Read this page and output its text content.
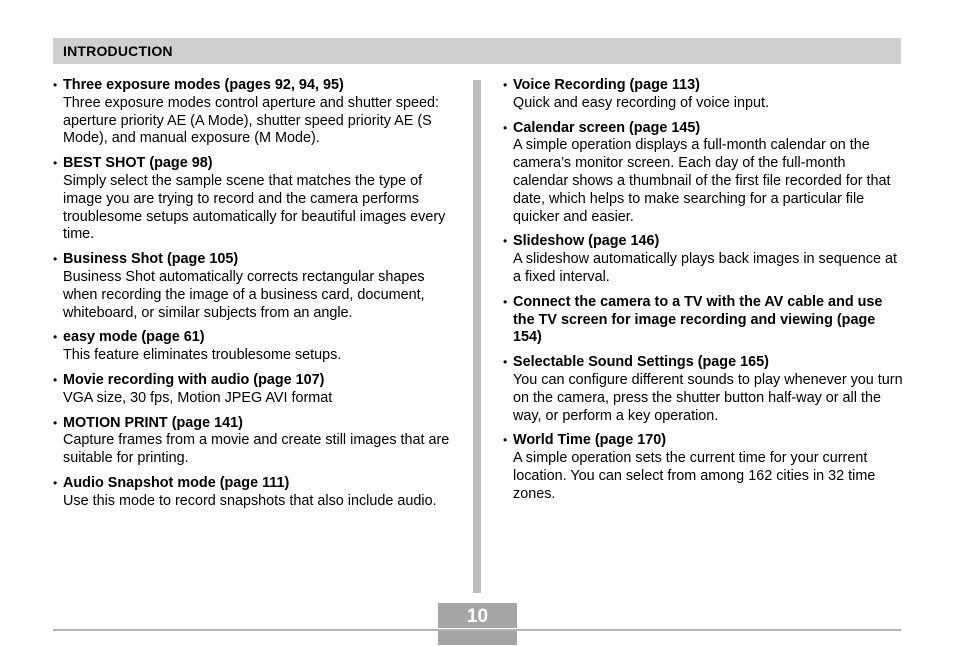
INTRODUCTION
• Three exposure modes (pages 92, 94, 95)
Three exposure modes control aperture and shutter speed: aperture priority AE (A Mode), shutter speed priority AE (S Mode), and manual exposure (M Mode).
• BEST SHOT (page 98)
Simply select the sample scene that matches the type of image you are trying to record and the camera performs troublesome setups automatically for beautiful images every time.
• Business Shot (page 105)
Business Shot automatically corrects rectangular shapes when recording the image of a business card, document, whiteboard, or similar subjects from an angle.
• easy mode (page 61)
This feature eliminates troublesome setups.
• Movie recording with audio (page 107)
VGA size, 30 fps, Motion JPEG AVI format
• MOTION PRINT (page 141)
Capture frames from a movie and create still images that are suitable for printing.
• Audio Snapshot mode (page 111)
Use this mode to record snapshots that also include audio.
• Voice Recording (page 113)
Quick and easy recording of voice input.
• Calendar screen (page 145)
A simple operation displays a full-month calendar on the camera’s monitor screen. Each day of the full-month calendar shows a thumbnail of the first file recorded for that date, which helps to make searching for a particular file quicker and easier.
• Slideshow (page 146)
A slideshow automatically plays back images in sequence at a fixed interval.
• Connect the camera to a TV with the AV cable and use the TV screen for image recording and viewing (page 154)
• Selectable Sound Settings (page 165)
You can configure different sounds to play whenever you turn on the camera, press the shutter button half-way or all the way, or perform a key operation.
• World Time (page 170)
A simple operation sets the current time for your current location. You can select from among 162 cities in 32 time zones.
10
